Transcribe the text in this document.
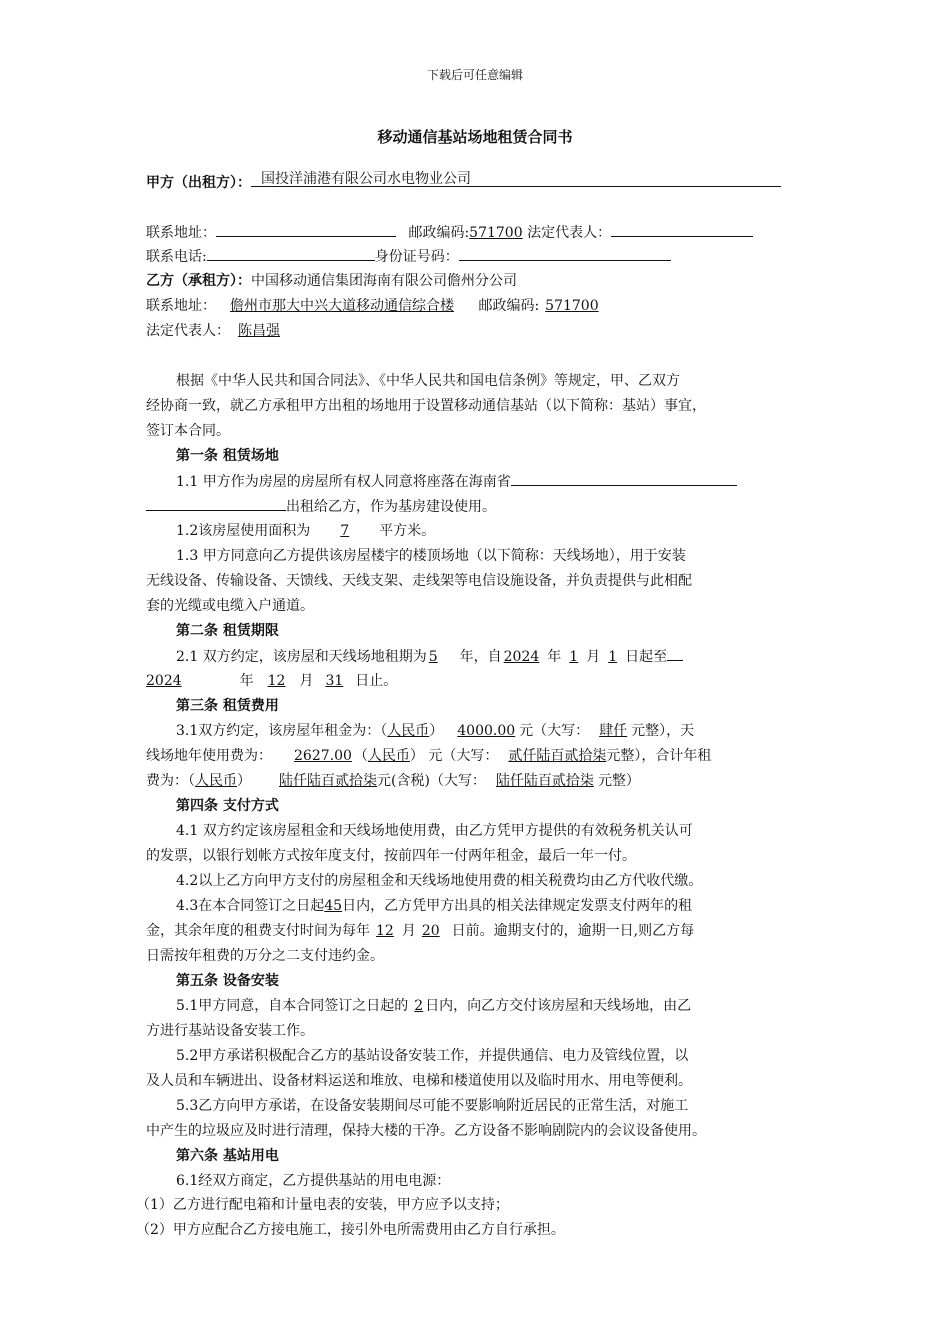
下载后可任意编辑
移动通信基站场地租赁合同书
甲方（出租方）： 国投洋浦港有限公司水电物业公司
联系地址：	邮政编码:571700 法定代表人：
联系电话:	身份证号码：
乙方（承租方）：中国移动通信集团海南有限公司儋州分公司
联系地址： 儋州市那大中兴大道移动通信综合楼 邮政编码: 571700
法定代表人： 陈昌强
根据《中华人民共和国合同法》、《中华人民共和国电信条例》等规定，甲、乙双方
经协商一致，就乙方承租甲方出租的场地用于设置移动通信基站（以下简称：基站）事宜，
签订本合同。
第一条 租赁场地
1.1 甲方作为房屋的房屋所有权人同意将座落在海南省
出租给乙方，作为基房建设使用。
1.2该房屋使用面积为 7 平方米。
1.3 甲方同意向乙方提供该房屋楼宇的楼顶场地（以下简称：天线场地），用于安装
无线设备、传输设备、天馈线、天线支架、走线架等电信设施设备，并负责提供与此相配
套的光缆或电缆入户通道。
第二条 租赁期限
2.1 双方约定，该房屋和天线场地租期为 5 年，自 2024 年 1 月 1 日起至
2024	年 12 月 31 日止。
第三条 租赁费用
3.1双方约定，该房屋年租金为：（人民币） 4000.00 元（大写： 肆仟 元整），天
线场地年使用费为： 2627.00 （人民币） 元（大写： 贰仟陆百贰拾柒元整），合计年租
费为：（人民币） 陆仟陆百贰拾柒元(含税)（大写： 陆仟陆百贰拾柒 元整）
第四条 支付方式
4.1 双方约定该房屋租金和天线场地使用费，由乙方凭甲方提供的有效税务机关认可
的发票，以银行划帐方式按年度支付，按前四年一付两年租金，最后一年一付。
4.2以上乙方向甲方支付的房屋租金和天线场地使用费的相关税费均由乙方代收代缴。
4.3在本合同签订之日起45日内，乙方凭甲方出具的相关法律规定发票支付两年的租
金，其余年度的租费支付时间为每年 12 月 20 日前。逾期支付的，逾期一日,则乙方每
日需按年租费的万分之二支付违约金。
第五条 设备安装
5.1甲方同意，自本合同签订之日起的 2 日内，向乙方交付该房屋和天线场地，由乙
方进行基站设备安装工作。
5.2甲方承诺积极配合乙方的基站设备安装工作，并提供通信、电力及管线位置，以
及人员和车辆进出、设备材料运送和堆放、电梯和楼道使用以及临时用水、用电等便利。
5.3乙方向甲方承诺，在设备安装期间尽可能不要影响附近居民的正常生活，对施工
中产生的垃圾应及时进行清理，保持大楼的干净。乙方设备不影响剧院内的会议设备使用。
第六条 基站用电
6.1经双方商定，乙方提供基站的用电电源：
（1）乙方进行配电箱和计量电表的安装，甲方应予以支持；
（2）甲方应配合乙方接电施工，接引外电所需费用由乙方自行承担。
